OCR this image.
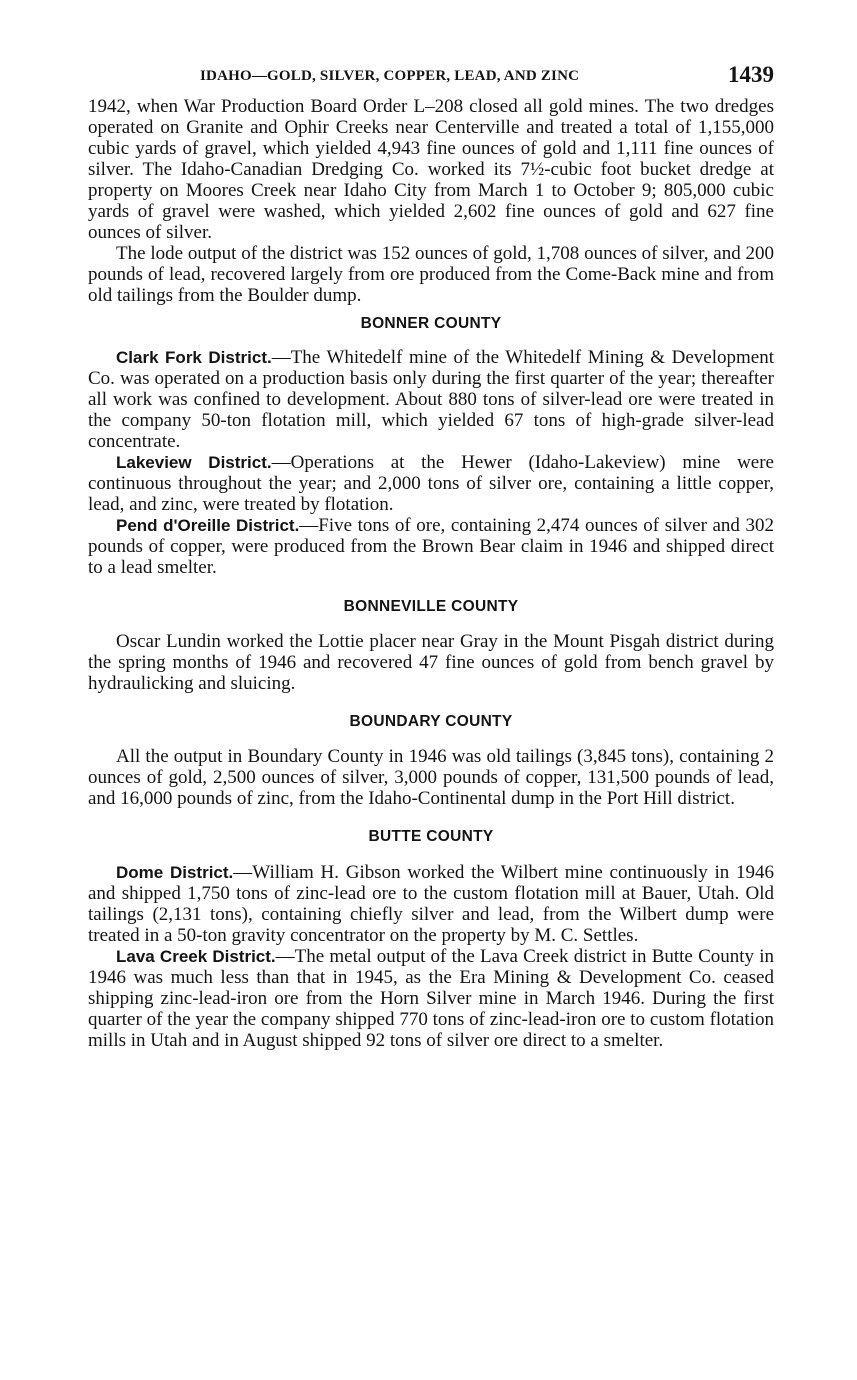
IDAHO—GOLD, SILVER, COPPER, LEAD, AND ZINC	1439

1942, when War Production Board Order L–208 closed all gold mines. The two dredges operated on Granite and Ophir Creeks near Centerville and treated a total of 1,155,000 cubic yards of gravel, which yielded 4,943 fine ounces of gold and 1,111 fine ounces of silver. The Idaho-Canadian Dredging Co. worked its 7½-cubic foot bucket dredge at property on Moores Creek near Idaho City from March 1 to October 9; 805,000 cubic yards of gravel were washed, which yielded 2,602 fine ounces of gold and 627 fine ounces of silver.

The lode output of the district was 152 ounces of gold, 1,708 ounces of silver, and 200 pounds of lead, recovered largely from ore produced from the Come-Back mine and from old tailings from the Boulder dump.

BONNER COUNTY

Clark Fork District.—The Whitedelf mine of the Whitedelf Mining & Development Co. was operated on a production basis only during the first quarter of the year; thereafter all work was confined to development. About 880 tons of silver-lead ore were treated in the company 50-ton flotation mill, which yielded 67 tons of high-grade silver-lead concentrate.

Lakeview District.—Operations at the Hewer (Idaho-Lakeview) mine were continuous throughout the year; and 2,000 tons of silver ore, containing a little copper, lead, and zinc, were treated by flotation.

Pend d'Oreille District.—Five tons of ore, containing 2,474 ounces of silver and 302 pounds of copper, were produced from the Brown Bear claim in 1946 and shipped direct to a lead smelter.

BONNEVILLE COUNTY

Oscar Lundin worked the Lottie placer near Gray in the Mount Pisgah district during the spring months of 1946 and recovered 47 fine ounces of gold from bench gravel by hydraulicking and sluicing.

BOUNDARY COUNTY

All the output in Boundary County in 1946 was old tailings (3,845 tons), containing 2 ounces of gold, 2,500 ounces of silver, 3,000 pounds of copper, 131,500 pounds of lead, and 16,000 pounds of zinc, from the Idaho-Continental dump in the Port Hill district.

BUTTE COUNTY

Dome District.—William H. Gibson worked the Wilbert mine continuously in 1946 and shipped 1,750 tons of zinc-lead ore to the custom flotation mill at Bauer, Utah. Old tailings (2,131 tons), containing chiefly silver and lead, from the Wilbert dump were treated in a 50-ton gravity concentrator on the property by M. C. Settles.

Lava Creek District.—The metal output of the Lava Creek district in Butte County in 1946 was much less than that in 1945, as the Era Mining & Development Co. ceased shipping zinc-lead-iron ore from the Horn Silver mine in March 1946. During the first quarter of the year the company shipped 770 tons of zinc-lead-iron ore to custom flotation mills in Utah and in August shipped 92 tons of silver ore direct to a smelter.
